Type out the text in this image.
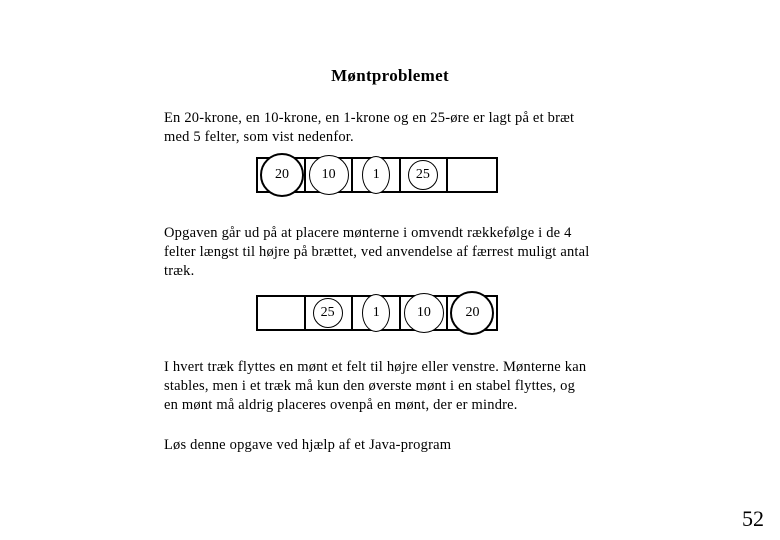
Møntproblemet
En 20-krone, en 10-krone, en 1-krone og en 25-øre er lagt på et bræt
med 5 felter, som vist nedenfor.
20	10	1	25
Opgaven går ud på at placere mønterne i omvendt rækkefølge i de 4
felter længst til højre på brættet, ved anvendelse af færrest muligt antal
træk.
25	1	10	20
I hvert træk flyttes en mønt et felt til højre eller venstre. Mønterne kan
stables, men i et træk må kun den øverste mønt i en stabel flyttes, og
en mønt må aldrig placeres ovenpå en mønt, der er mindre.
Løs denne opgave ved hjælp af et Java-program
52
